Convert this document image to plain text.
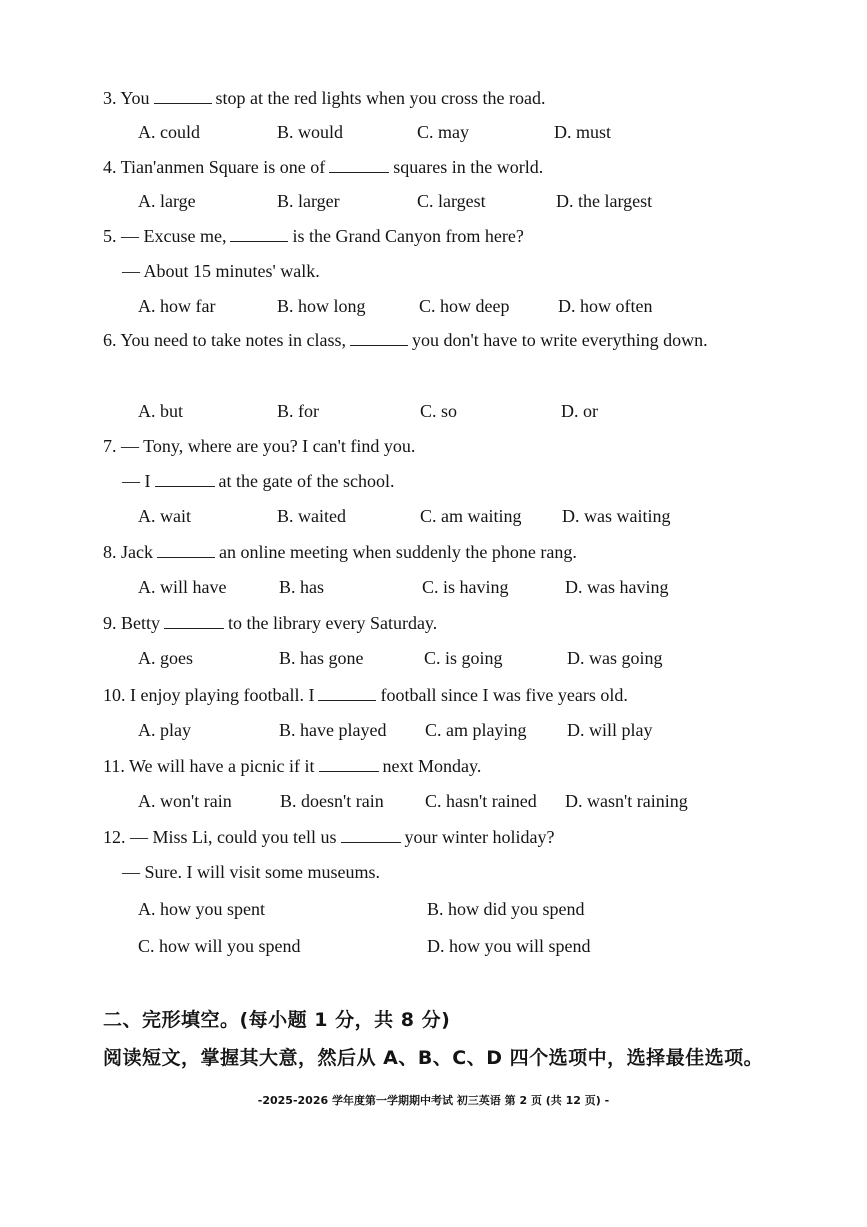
3. You	stop at the red lights when you cross the road.
A. could	B. would	C. may	D. must
4. Tian'anmen Square is one of	squares in the world.
A. large	B. larger	C. largest	D. the largest
5. — Excuse me,	is the Grand Canyon from here?
— About 15 minutes' walk.
A. how far	B. how long	C. how deep	D. how often
6. You need to take notes in class,	you don't have to write everything down.
A. but	B. for	C. so	D. or
7. — Tony, where are you? I can't find you.
— I	at the gate of the school.
A. wait	B. waited	C. am waiting D. was waiting
8. Jack	an online meeting when suddenly the phone rang.
A. will have	B. has	C. is having	D. was having
9. Betty	to the library every Saturday.
A. goes	B. has gone	C. is going	D. was going
10. I enjoy playing football. I	football since I was five years old.
A. play	B. have played C. am playing D. will play
11. We will have a picnic if it	next Monday.
A. won't rain	B. doesn't rain C. hasn't rained D. wasn't raining
12. — Miss Li, could you tell us	your winter holiday?
— Sure. I will visit some museums.
A. how you spent	B. how did you spend
C. how will you spend	D. how you will spend
二、完形填空。(每小题 1 分，共 8 分)
阅读短文，掌握其大意，然后从 A、B、C、D 四个选项中，选择最佳选项。
-2025-2026 学年度第一学期期中考试 初三英语 第 2 页 (共 12 页) -
